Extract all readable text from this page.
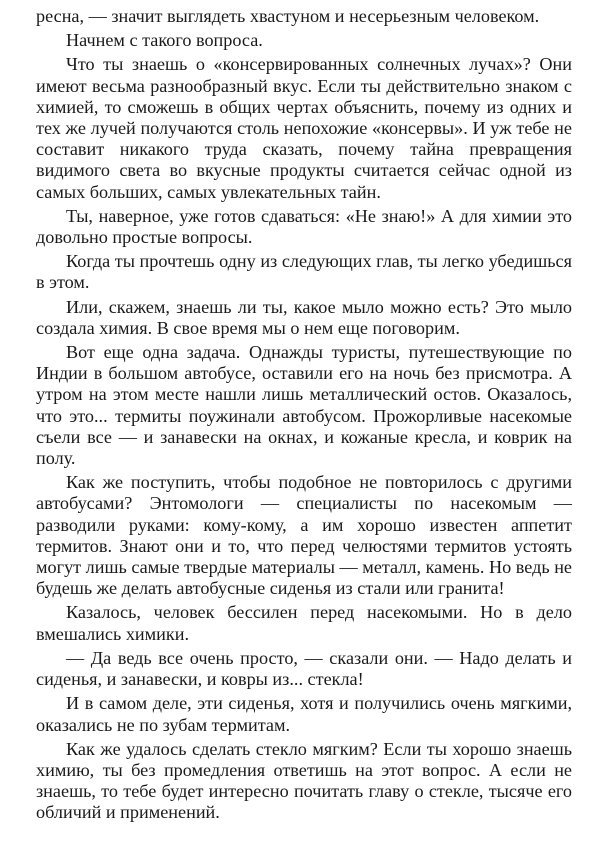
ресна, — значит выглядеть хвастуном и несерьезным человеком.

Начнем с такого вопроса.

Что ты знаешь о «консервированных солнечных лучах»? Они имеют весьма разнообразный вкус. Если ты действительно знаком с химией, то сможешь в общих чертах объяснить, почему из одних и тех же лучей получаются столь непохожие «консервы». И уж тебе не составит никакого труда сказать, почему тайна превращения видимого света во вкусные продукты считается сейчас одной из самых больших, самых увлекательных тайн.

Ты, наверное, уже готов сдаваться: «Не знаю!» А для химии это довольно простые вопросы.

Когда ты прочтешь одну из следующих глав, ты легко убедишься в этом.

Или, скажем, знаешь ли ты, какое мыло можно есть? Это мыло создала химия. В свое время мы о нем еще поговорим.

Вот еще одна задача. Однажды туристы, путешествующие по Индии в большом автобусе, оставили его на ночь без присмотра. А утром на этом месте нашли лишь металлический остов. Оказалось, что это... термиты поужинали автобусом. Прожорливые насекомые съели все — и занавески на окнах, и кожаные кресла, и коврик на полу.

Как же поступить, чтобы подобное не повторилось с другими автобусами? Энтомологи — специалисты по насекомым — разводили руками: кому-кому, а им хорошо известен аппетит термитов. Знают они и то, что перед челюстями термитов устоять могут лишь самые твердые материалы — металл, камень. Но ведь не будешь же делать автобусные сиденья из стали или гранита!

Казалось, человек бессилен перед насекомыми. Но в дело вмешались химики.

— Да ведь все очень просто, — сказали они. — Надо делать и сиденья, и занавески, и ковры из... стекла!

И в самом деле, эти сиденья, хотя и получились очень мягкими, оказались не по зубам термитам.

Как же удалось сделать стекло мягким? Если ты хорошо знаешь химию, ты без промедления ответишь на этот вопрос. А если не знаешь, то тебе будет интересно почитать главу о стекле, тысяче его обличий и применений.
